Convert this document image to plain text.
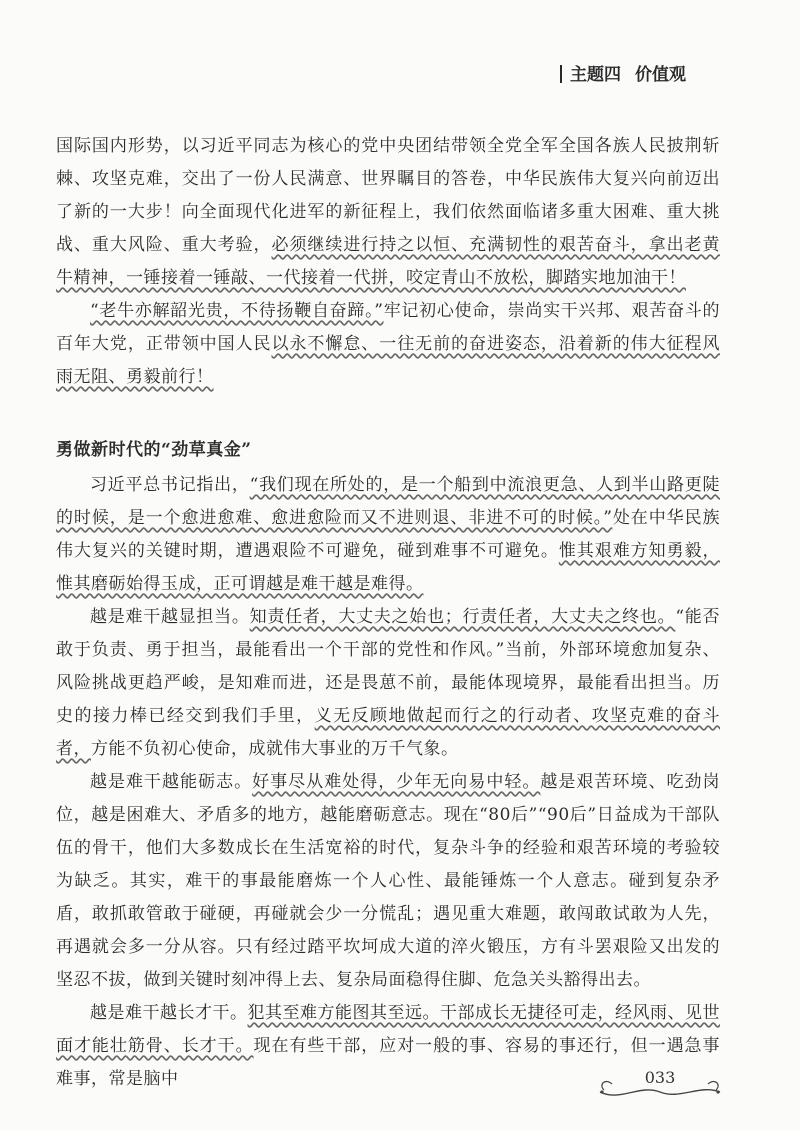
主题四 价值观

国际国内形势，以习近平同志为核心的党中央团结带领全党全军全国各族人民披荆斩棘、攻坚克难，交出了一份人民满意、世界瞩目的答卷，中华民族伟大复兴向前迈出了新的一大步！向全面现代化进军的新征程上，我们依然面临诸多重大困难、重大挑战、重大风险、重大考验，必须继续进行持之以恒、充满韧性的艰苦奋斗，拿出老黄牛精神，一锤接着一锤敲、一代接着一代拼，咬定青山不放松，脚踏实地加油干！

“老牛亦解韶光贵，不待扬鞭自奋蹄。”牢记初心使命，崇尚实干兴邦、艰苦奋斗的百年大党，正带领中国人民以永不懈怠、一往无前的奋进姿态，沿着新的伟大征程风雨无阻、勇毅前行！

勇做新时代的“劲草真金”

习近平总书记指出，“我们现在所处的，是一个船到中流浪更急、人到半山路更陡的时候，是一个愈进愈难、愈进愈险而又不进则退、非进不可的时候。”处在中华民族伟大复兴的关键时期，遭遇艰险不可避免，碰到难事不可避免。惟其艰难方知勇毅，惟其磨砺始得玉成，正可谓越是难干越是难得。

越是难干越显担当。知责任者，大丈夫之始也；行责任者，大丈夫之终也。“能否敢于负责、勇于担当，最能看出一个干部的党性和作风。”当前，外部环境愈加复杂、风险挑战更趋严峻，是知难而进，还是畏葸不前，最能体现境界，最能看出担当。历史的接力棒已经交到我们手里，义无反顾地做起而行之的行动者、攻坚克难的奋斗者，方能不负初心使命，成就伟大事业的万千气象。

越是难干越能砺志。好事尽从难处得，少年无向易中轻。越是艰苦环境、吃劲岗位，越是困难大、矛盾多的地方，越能磨砺意志。现在“80后”“90后”日益成为干部队伍的骨干，他们大多数成长在生活宽裕的时代，复杂斗争的经验和艰苦环境的考验较为缺乏。其实，难干的事最能磨炼一个人心性、最能锤炼一个人意志。碰到复杂矛盾，敢抓敢管敢于碰硬，再碰就会少一分慌乱；遇见重大难题，敢闯敢试敢为人先，再遇就会多一分从容。只有经过踏平坎坷成大道的淬火锻压，方有斗罢艰险又出发的坚忍不拔，做到关键时刻冲得上去、复杂局面稳得住脚、危急关头豁得出去。

越是难干越长才干。犯其至难方能图其至远。干部成长无捷径可走，经风雨、见世面才能壮筋骨、长才干。现在有些干部，应对一般的事、容易的事还行，但一遇急事难事，常是脑中	033
